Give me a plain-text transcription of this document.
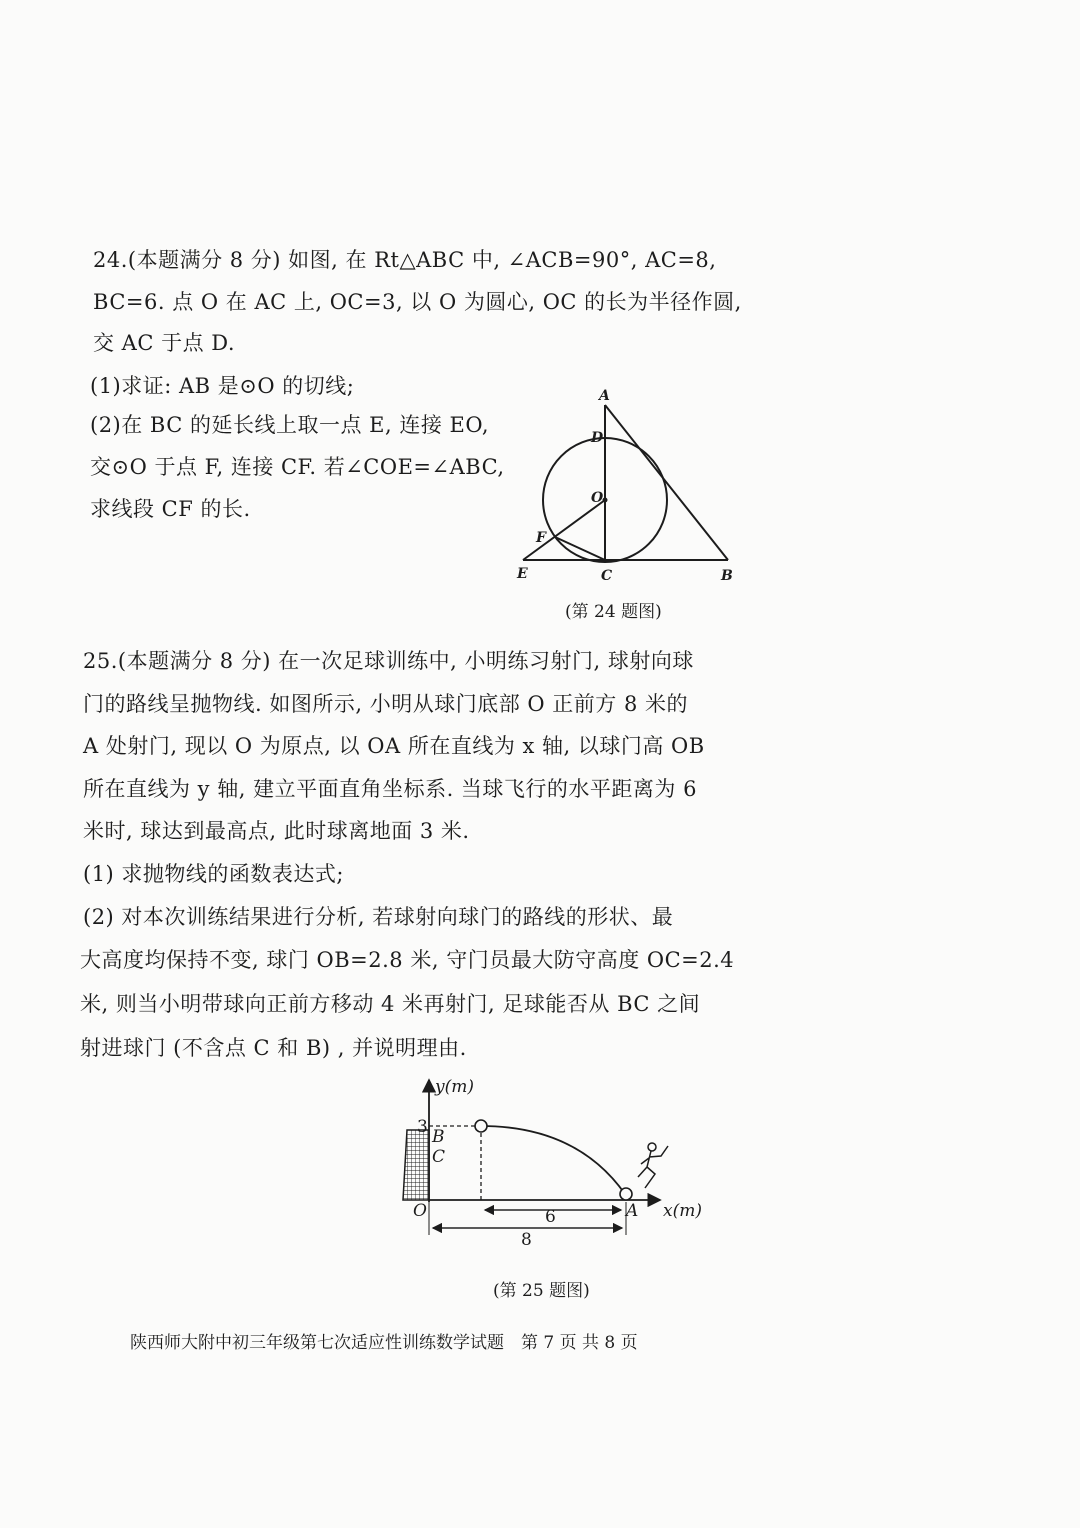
24.(本题满分 8 分) 如图, 在 Rt△ABC 中, ∠ACB=90°, AC=8,
BC=6. 点 O 在 AC 上, OC=3, 以 O 为圆心, OC 的长为半径作圆,
交 AC 于点 D.
(1)求证: AB 是⊙O 的切线;
(2)在 BC 的延长线上取一点 E, 连接 EO,
交⊙O 于点 F, 连接 CF. 若∠COE=∠ABC,
求线段 CF 的长.
A
D
O
F
E	C	B
(第 24 题图)
25.(本题满分 8 分) 在一次足球训练中, 小明练习射门, 球射向球
门的路线呈抛物线. 如图所示, 小明从球门底部 O 正前方 8 米的
A 处射门, 现以 O 为原点, 以 OA 所在直线为 x 轴, 以球门高 OB
所在直线为 y 轴, 建立平面直角坐标系. 当球飞行的水平距离为 6
米时, 球达到最高点, 此时球离地面 3 米.
(1) 求抛物线的函数表达式;
(2) 对本次训练结果进行分析, 若球射向球门的路线的形状、最
大高度均保持不变, 球门 OB=2.8 米, 守门员最大防守高度 OC=2.4
米, 则当小明带球向正前方移动 4 米再射门, 足球能否从 BC 之间
射进球门 (不含点 C 和 B) , 并说明理由.
y(m)
x(m)
3 B
C
O	A
6
8
(第 25 题图)
陕西师大附中初三年级第七次适应性训练数学试题　第 7 页 共 8 页
